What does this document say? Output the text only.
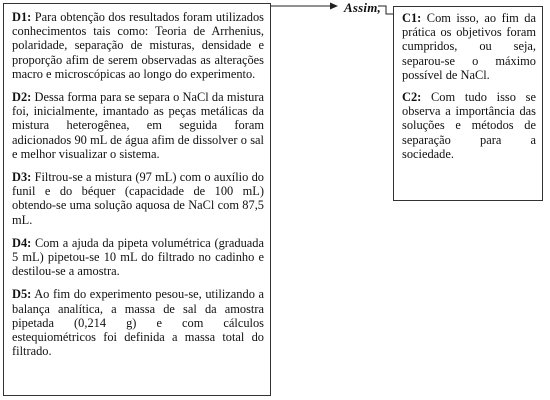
Assim,

D1: Para obtenção dos resultados foram utilizados conhecimentos tais como: Teoria de Arrhenius, polaridade, separação de misturas, densidade e proporção afim de serem observadas as alterações macro e microscópicas ao longo do experimento.

D2: Dessa forma para se separa o NaCl da mistura foi, inicialmente, imantado as peças metálicas da mistura heterogênea, em seguida foram adicionados 90 mL de água afim de dissolver o sal e melhor visualizar o sistema.

D3: Filtrou-se a mistura (97 mL) com o auxílio do funil e do béquer (capacidade de 100 mL) obtendo-se uma solução aquosa de NaCl com 87,5 mL.

D4: Com a ajuda da pipeta volumétrica (graduada 5 mL) pipetou-se 10 mL do filtrado no cadinho e destilou-se a amostra.

D5: Ao fim do experimento pesou-se, utilizando a balança analítica, a massa de sal da amostra pipetada (0,214 g) e com cálculos estequiométricos foi definida a massa total do filtrado.

C1: Com isso, ao fim da prática os objetivos foram cumpridos, ou seja, separou-se o máximo possível de NaCl.

C2: Com tudo isso se observa a importância das soluções e métodos de separação para a sociedade.
